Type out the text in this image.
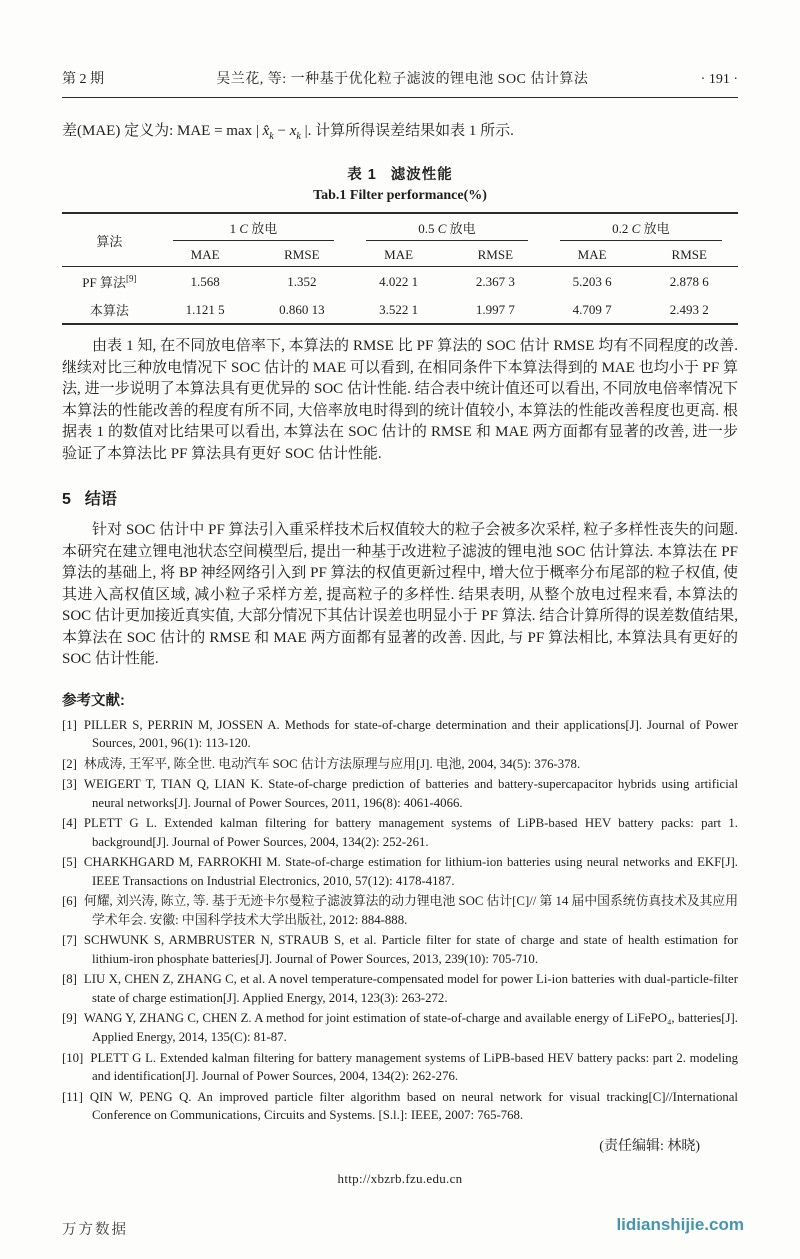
第 2 期	吴兰花, 等: 一种基于优化粒子滤波的锂电池 SOC 估计算法	· 191 ·

差(MAE) 定义为: MAE = max | $x̂_k - x_k$ |. 计算所得误差结果如表 1 所示.

表 1 滤波性能
Tab.1 Filter performance(%)
算法	1 C 放电		0.5 C 放电		0.2 C 放电	

	MAE	RMSE	MAE	RMSE	MAE	RMSE
PF 算法[9]	1.568	1.352	4.022 1	2.367 3	5.203 6	2.878 6
本算法	1.121 5	0.860 13	3.522 1	1.997 7	4.709 7	2.493 2

由表 1 知, 在不同放电倍率下, 本算法的 RMSE 比 PF 算法的 SOC 估计 RMSE 均有不同程度的改善. 继续对比三种放电情况下 SOC 估计的 MAE 可以看到, 在相同条件下本算法得到的 MAE 也均小于 PF 算法, 进一步说明了本算法具有更优异的 SOC 估计性能. 结合表中统计值还可以看出, 不同放电倍率情况下本算法的性能改善的程度有所不同, 大倍率放电时得到的统计值较小, 本算法的性能改善程度也更高. 根据表 1 的数值对比结果可以看出, 本算法在 SOC 估计的 RMSE 和 MAE 两方面都有显著的改善, 进一步验证了本算法比 PF 算法具有更好 SOC 估计性能.

5 结语

针对 SOC 估计中 PF 算法引入重采样技术后权值较大的粒子会被多次采样, 粒子多样性丧失的问题. 本研究在建立锂电池状态空间模型后, 提出一种基于改进粒子滤波的锂电池 SOC 估计算法. 本算法在 PF 算法的基础上, 将 BP 神经网络引入到 PF 算法的权值更新过程中, 增大位于概率分布尾部的粒子权值, 使其进入高权值区域, 减小粒子采样方差, 提高粒子的多样性. 结果表明, 从整个放电过程来看, 本算法的 SOC 估计更加接近真实值, 大部分情况下其估计误差也明显小于 PF 算法. 结合计算所得的误差数值结果, 本算法在 SOC 估计的 RMSE 和 MAE 两方面都有显著的改善. 因此, 与 PF 算法相比, 本算法具有更好的 SOC 估计性能.

参考文献:
[1] PILLER S, PERRIN M, JOSSEN A. Methods for state-of-charge determination and their applications[J]. Journal of Power Sources, 2001, 96(1): 113-120.
[2] 林成涛, 王军平, 陈全世. 电动汽车 SOC 估计方法原理与应用[J]. 电池, 2004, 34(5): 376-378.
[3] WEIGERT T, TIAN Q, LIAN K. State-of-charge prediction of batteries and battery-supercapacitor hybrids using artificial neural networks[J]. Journal of Power Sources, 2011, 196(8): 4061-4066.
[4] PLETT G L. Extended kalman filtering for battery management systems of LiPB-based HEV battery packs: part 1. background[J]. Journal of Power Sources, 2004, 134(2): 252-261.
[5] CHARKHGARD M, FARROKHI M. State-of-charge estimation for lithium-ion batteries using neural networks and EKF[J]. IEEE Transactions on Industrial Electronics, 2010, 57(12): 4178-4187.
[6] 何耀, 刘兴涛, 陈立, 等. 基于无迹卡尔曼粒子滤波算法的动力锂电池 SOC 估计[C]// 第 14 届中国系统仿真技术及其应用学术年会. 安徽: 中国科学技术大学出版社, 2012: 884-888.
[7] SCHWUNK S, ARMBRUSTER N, STRAUB S, et al. Particle filter for state of charge and state of health estimation for lithium-iron phosphate batteries[J]. Journal of Power Sources, 2013, 239(10): 705-710.
[8] LIU X, CHEN Z, ZHANG C, et al. A novel temperature-compensated model for power Li-ion batteries with dual-particle-filter state of charge estimation[J]. Applied Energy, 2014, 123(3): 263-272.
[9] WANG Y, ZHANG C, CHEN Z. A method for joint estimation of state-of-charge and available energy of LiFePO₄, batteries[J]. Applied Energy, 2014, 135(C): 81-87.
[10] PLETT G L. Extended kalman filtering for battery management systems of LiPB-based HEV battery packs: part 2. modeling and identification[J]. Journal of Power Sources, 2004, 134(2): 262-276.
[11] QIN W, PENG Q. An improved particle filter algorithm based on neural network for visual tracking[C]//International Conference on Communications, Circuits and Systems. [S.l.]: IEEE, 2007: 765-768.
(责任编辑: 林晓)
http://xbzrb.fzu.edu.cn
万方数据	lidianshijie.com
